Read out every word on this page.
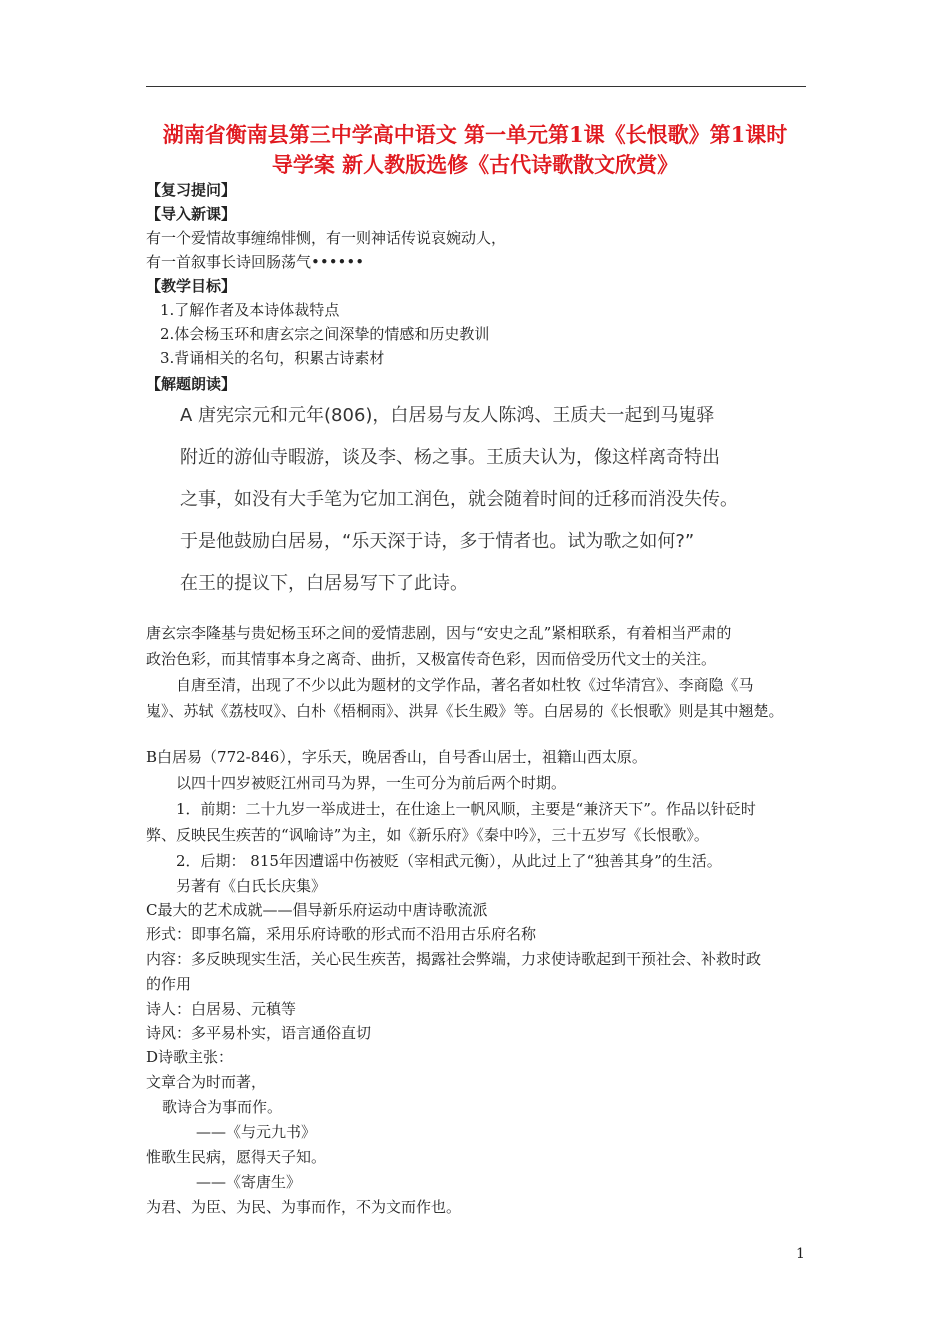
湖南省衡南县第三中学高中语文 第一单元第1课《长恨歌》第1课时
导学案 新人教版选修《古代诗歌散文欣赏》
【复习提问】
【导入新课】
有一个爱情故事缠绵悱恻，有一则神话传说哀婉动人，
有一首叙事长诗回肠荡气••••••
【教学目标】
1.了解作者及本诗体裁特点
2.体会杨玉环和唐玄宗之间深挚的情感和历史教训
3.背诵相关的名句，积累古诗素材
【解题朗读】
A 唐宪宗元和元年(806)，白居易与友人陈鸿、王质夫一起到马嵬驿
附近的游仙寺暇游，谈及李、杨之事。王质夫认为，像这样离奇特出
之事，如没有大手笔为它加工润色，就会随着时间的迁移而消没失传。
于是他鼓励白居易，“乐天深于诗，多于情者也。试为歌之如何?”
在王的提议下，白居易写下了此诗。
唐玄宗李隆基与贵妃杨玉环之间的爱情悲剧，因与“安史之乱”紧相联系，有着相当严肃的
政治色彩，而其情事本身之离奇、曲折，又极富传奇色彩，因而倍受历代文士的关注。
自唐至清，出现了不少以此为题材的文学作品，著名者如杜牧《过华清宫》、李商隐《马
嵬》、苏轼《荔枝叹》、白朴《梧桐雨》、洪昇《长生殿》等。白居易的《长恨歌》则是其中翘楚。
B白居易（772-846），字乐天，晚居香山，自号香山居士，祖籍山西太原。
以四十四岁被贬江州司马为界，一生可分为前后两个时期。
1．前期：二十九岁一举成进士，在仕途上一帆风顺，主要是“兼济天下”。作品以针砭时
弊、反映民生疾苦的“讽喻诗”为主，如《新乐府》《秦中吟》，三十五岁写《长恨歌》。
2．后期： 815年因遭谣中伤被贬（宰相武元衡），从此过上了“独善其身”的生活。
另著有《白氏长庆集》
C最大的艺术成就——倡导新乐府运动中唐诗歌流派
形式：即事名篇，采用乐府诗歌的形式而不沿用古乐府名称
内容：多反映现实生活，关心民生疾苦，揭露社会弊端，力求使诗歌起到干预社会、补救时政
的作用
诗人：白居易、元稹等
诗风：多平易朴实，语言通俗直切
D诗歌主张：
文章合为时而著，
歌诗合为事而作。
——《与元九书》
惟歌生民病，愿得天子知。
——《寄唐生》
为君、为臣、为民、为事而作，不为文而作也。
1
